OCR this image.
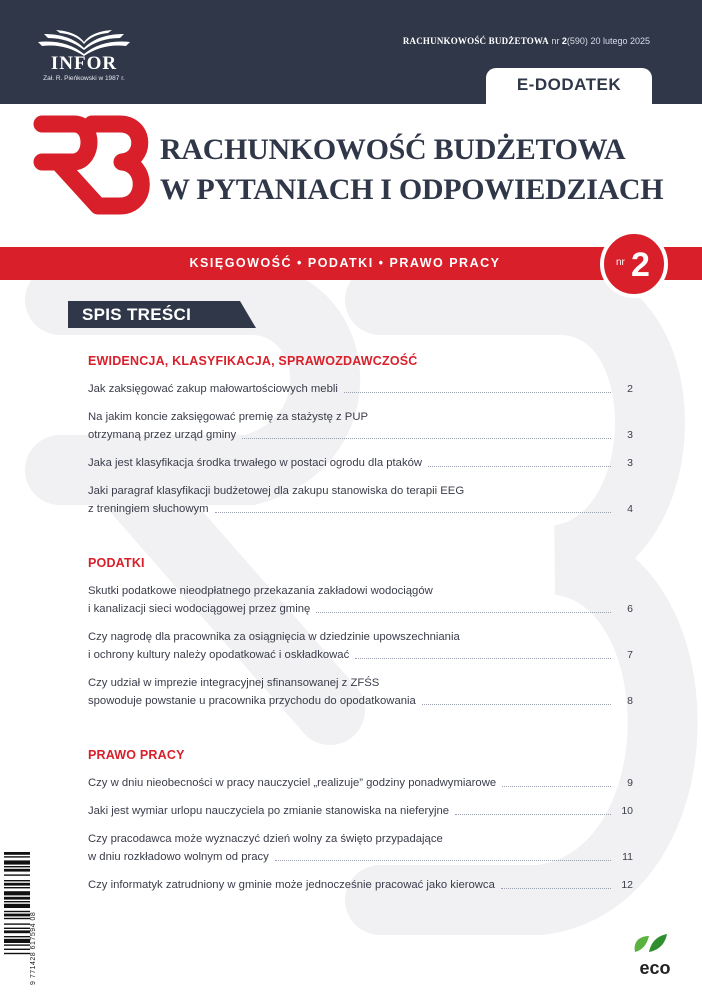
INFOR
Zał. R. Pieńkowski w 1987 r.
RACHUNKOWOŚĆ BUDŻETOWA nr 2(590) 20 lutego 2025
E-DODATEK
RACHUNKOWOŚĆ BUDŻETOWA
W PYTANIACH I ODPOWIEDZIACH
KSIĘGOWOŚĆ • PODATKI • PRAWO PRACY	nr 2
SPIS TREŚCI
EWIDENCJA, KLASYFIKACJA, SPRAWOZDAWCZOŚĆ
Jak zaksięgować zakup małowartościowych mebli	2
Na jakim koncie zaksięgować premię za stażystę z PUP
otrzymaną przez urząd gminy	3
Jaka jest klasyfikacja środka trwałego w postaci ogrodu dla ptaków	3
Jaki paragraf klasyfikacji budżetowej dla zakupu stanowiska do terapii EEG
z treningiem słuchowym	4
PODATKI
Skutki podatkowe nieodpłatnego przekazania zakładowi wodociągów
i kanalizacji sieci wodociągowej przez gminę	6
Czy nagrodę dla pracownika za osiągnięcia w dziedzinie upowszechniania
i ochrony kultury należy opodatkować i oskładkować	7
Czy udział w imprezie integracyjnej sfinansowanej z ZFŚS
spowoduje powstanie u pracownika przychodu do opodatkowania	8
PRAWO PRACY
Czy w dniu nieobecności w pracy nauczyciel „realizuje” godziny ponadwymiarowe	9
Jaki jest wymiar urlopu nauczyciela po zmianie stanowiska na nieferyjne	10
Czy pracodawca może wyznaczyć dzień wolny za święto przypadające
w dniu rozkładowo wolnym od pracy	11
Czy informatyk zatrudniony w gminie może jednocześnie pracować jako kierowca	12
9 771428 617594 08	eco
